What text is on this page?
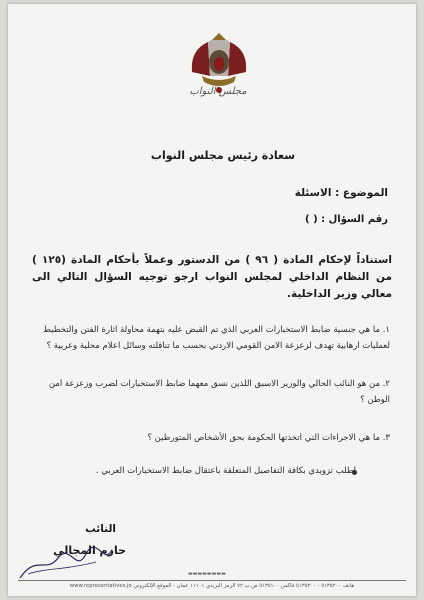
مجلس النواب
سعادة رئيس مجلس النواب
الموضوع : الاسئلة
رقم السؤال : ( )
استناداً لإحكام المادة ( ٩٦ ) من الدستور وعملاً بأحكام المادة (١٢٥ ) من النظام الداخلي لمجلس النواب ارجو توجيه السؤال التالي الى معالي وزير الداخلية.
١. ما هي جنسية ضابط الاستخبارات العربي الذي تم القبض عليه بتهمة محاولة اثارة الفتن والتخطيط لعمليات ارهابية تهدف لزعزعة الامن القومي الاردني بحسب ما تناقلته وسائل اعلام محلية وعربية ؟
٢. من هو النائب الحالي والوزير الاسبق اللذين نسق معهما ضابط الاستخبارات لضرب وزعزعة امن الوطن ؟
٣. ما هي الاجراءات التي اتخذتها الحكومة بحق الأشخاص المتورطين ؟
اطلب تزويدي بكافة التفاصيل المتعلقة باعتقال ضابط الاستخبارات العربي .
النائب
حازم المجالي
▬▬▬▬▬▬▬▬
هاتف ٥١٣٥٢٠٠ - ٥١٣٥٣٠٠ فاكس ٥١٣٥١٠٠ ص.ب ٧٢ الرمز البريدي ١١١٠١ عمان - الموقع الإلكتروني www.representatives.jo
